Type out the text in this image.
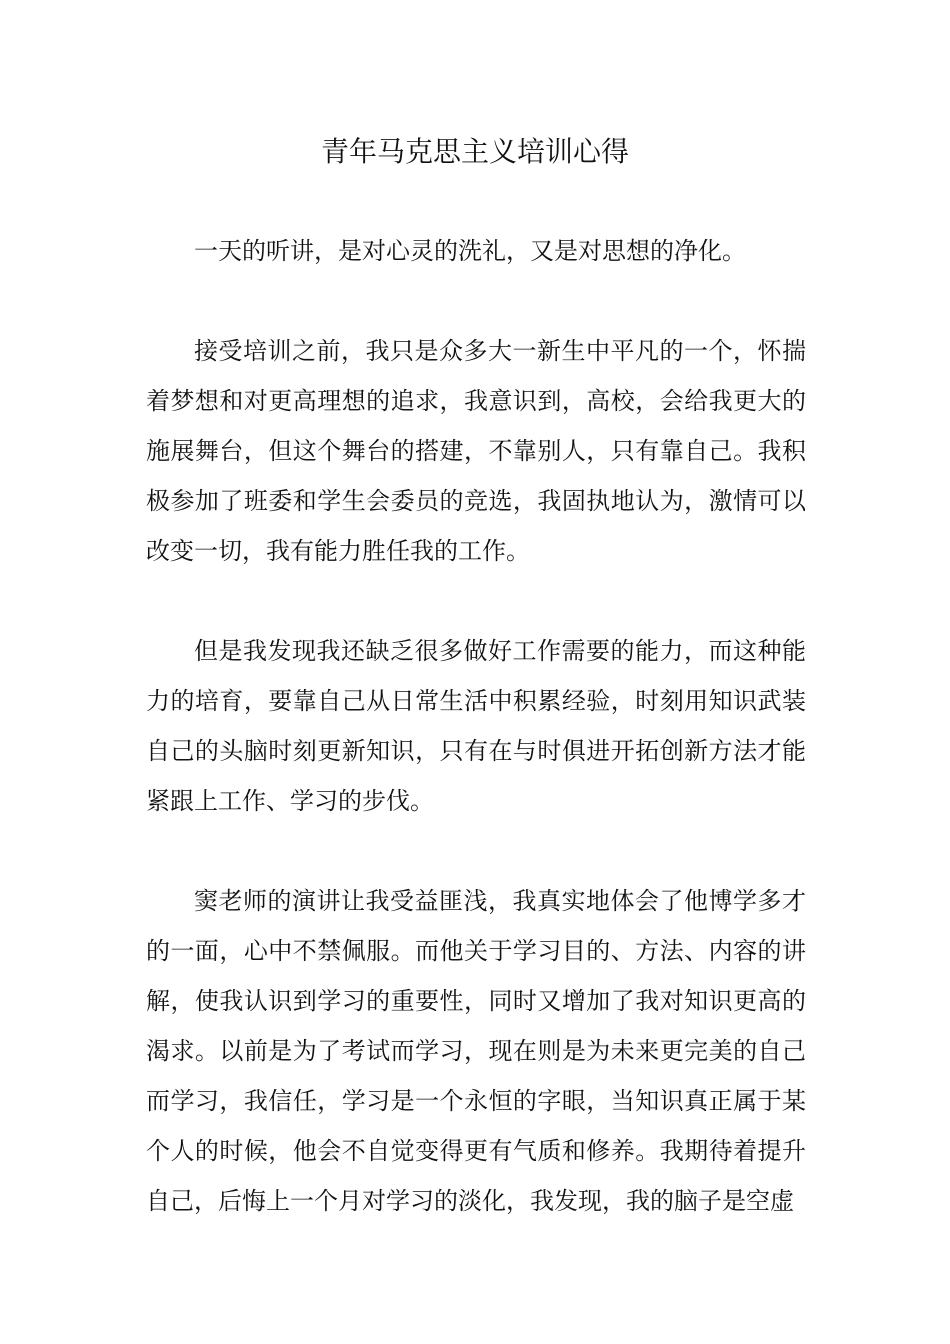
青年马克思主义培训心得

一天的听讲，是对心灵的洗礼，又是对思想的净化。

接受培训之前，我只是众多大一新生中平凡的一个，怀揣着梦想和对更高理想的追求，我意识到，高校，会给我更大的施展舞台，但这个舞台的搭建，不靠别人，只有靠自己。我积极参加了班委和学生会委员的竞选，我固执地认为，激情可以改变一切，我有能力胜任我的工作。

但是我发现我还缺乏很多做好工作需要的能力，而这种能力的培育，要靠自己从日常生活中积累经验，时刻用知识武装自己的头脑时刻更新知识，只有在与时俱进开拓创新方法才能紧跟上工作、学习的步伐。

窦老师的演讲让我受益匪浅，我真实地体会了他博学多才的一面，心中不禁佩服。而他关于学习目的、方法、内容的讲解，使我认识到学习的重要性，同时又增加了我对知识更高的渴求。以前是为了考试而学习，现在则是为未来更完美的自己而学习，我信任，学习是一个永恒的字眼，当知识真正属于某个人的时候，他会不自觉变得更有气质和修养。我期待着提升自己，后悔上一个月对学习的淡化，我发现，我的脑子是空虚
